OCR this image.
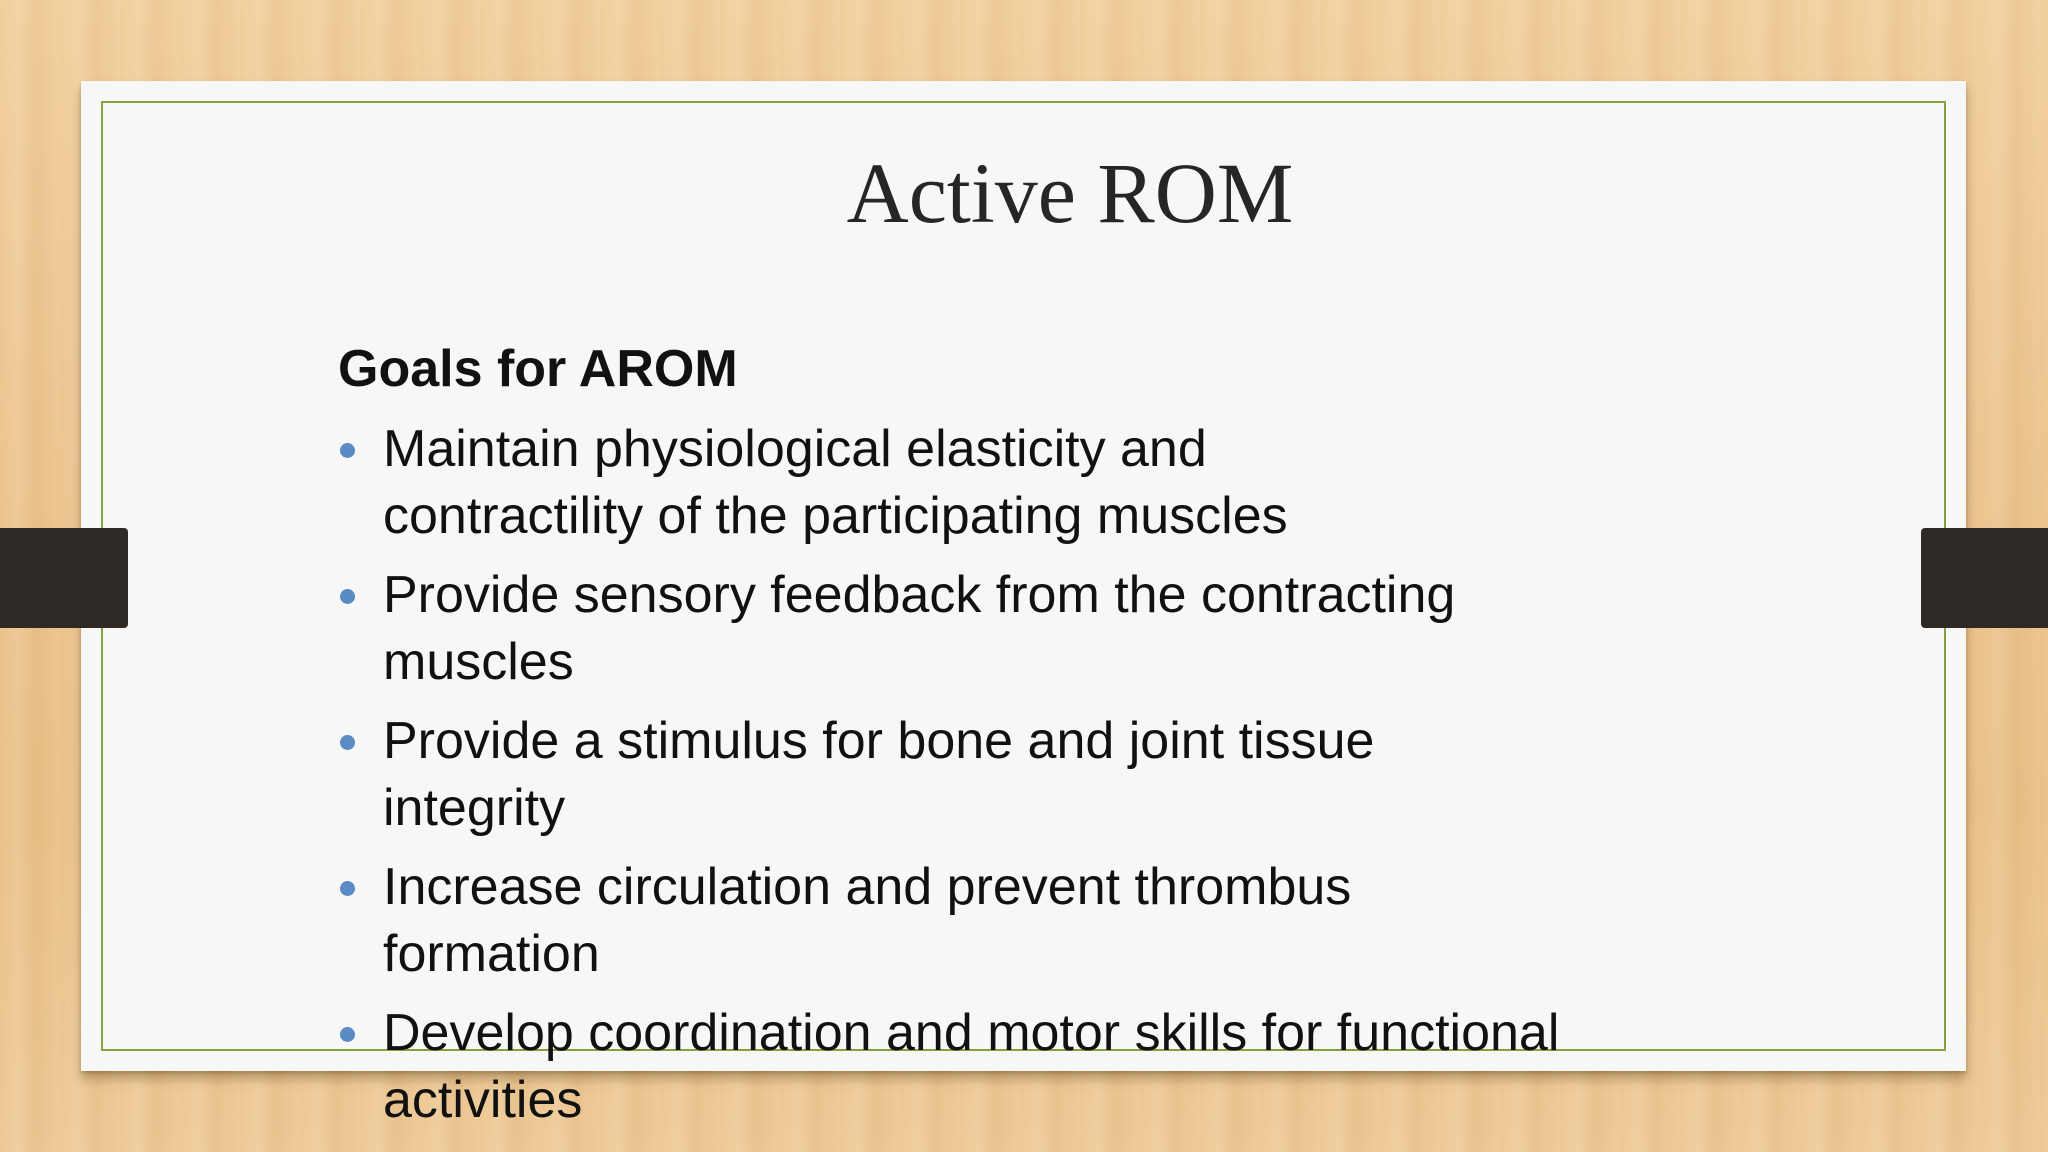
Active ROM
Goals for AROM
Maintain physiological elasticity and
contractility of the participating muscles
Provide sensory feedback from the contracting
muscles
Provide a stimulus for bone and joint tissue
integrity
Increase circulation and prevent thrombus
formation
Develop coordination and motor skills for functional
activities
